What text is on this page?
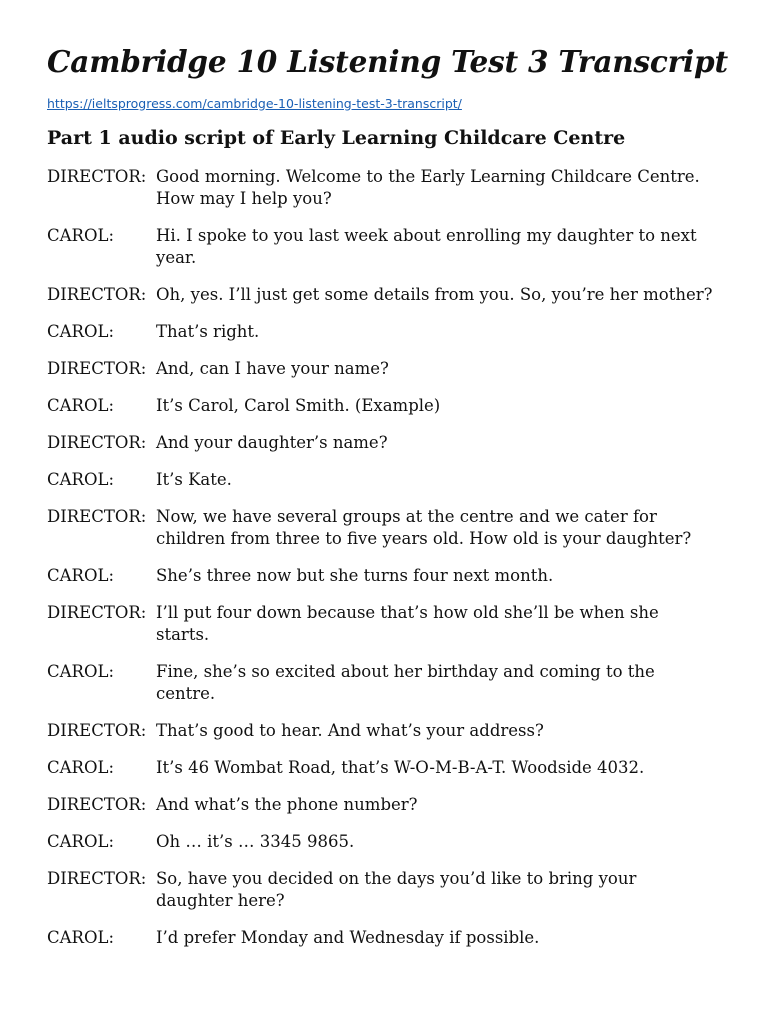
Cambridge 10 Listening Test 3 Transcript
https://ieltsprogress.com/cambridge-10-listening-test-3-transcript/
Part 1 audio script of Early Learning Childcare Centre
DIRECTOR: Good morning. Welcome to the Early Learning Childcare Centre. How may I help you?
CAROL:	Hi. I spoke to you last week about enrolling my daughter to next year.
DIRECTOR: Oh, yes. I’ll just get some details from you. So, you’re her mother?
CAROL:	That’s right.
DIRECTOR: And, can I have your name?
CAROL:	It’s Carol, Carol Smith. (Example)
DIRECTOR: And your daughter’s name?
CAROL:	It’s Kate.
DIRECTOR: Now, we have several groups at the centre and we cater for children from three to five years old. How old is your daughter?
CAROL:	She’s three now but she turns four next month.
DIRECTOR: I’ll put four down because that’s how old she’ll be when she starts.
CAROL:	Fine, she’s so excited about her birthday and coming to the centre.
DIRECTOR: That’s good to hear. And what’s your address?
CAROL:	It’s 46 Wombat Road, that’s W-O-M-B-A-T. Woodside 4032.
DIRECTOR: And what’s the phone number?
CAROL:	Oh … it’s … 3345 9865.
DIRECTOR: So, have you decided on the days you’d like to bring your daughter here?
CAROL:	I’d prefer Monday and Wednesday if possible.
